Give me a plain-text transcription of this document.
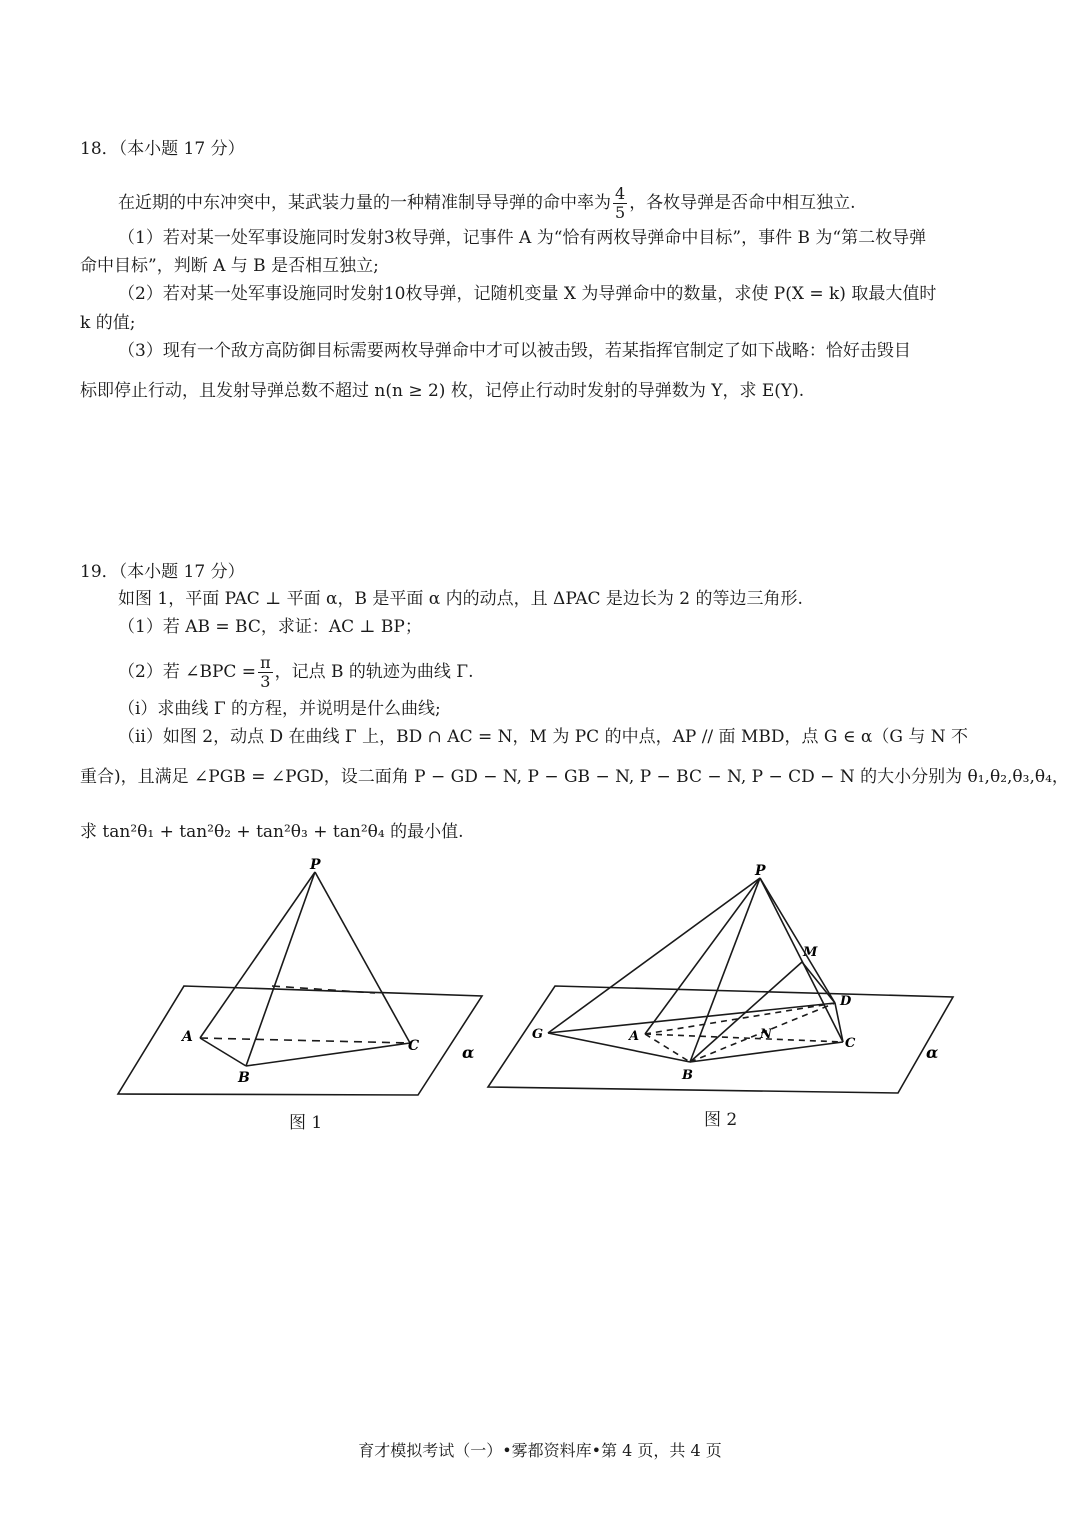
18．（本小题 17 分）
在近期的中东冲突中，某武装力量的一种精准制导导弹的命中率为 $\frac{4}{5}$ ，各枚导弹是否命中相互独立.
（1）若对某一处军事设施同时发射3枚导弹，记事件 A 为“恰有两枚导弹命中目标”，事件 B 为“第二枚导弹
命中目标”，判断 A 与 B 是否相互独立;
（2）若对某一处军事设施同时发射10枚导弹，记随机变量 X 为导弹命中的数量，求使 P(X = k) 取最大值时
k 的值;
（3）现有一个敌方高防御目标需要两枚导弹命中才可以被击毁，若某指挥官制定了如下战略：恰好击毁目
标即停止行动，且发射导弹总数不超过 n(n ≥ 2) 枚，记停止行动时发射的导弹数为 Y，求 E(Y).
19．（本小题 17 分）
如图 1，平面 PAC ⊥ 平面 α，B 是平面 α 内的动点，且 ΔPAC 是边长为 2 的等边三角形.
（1）若 AB = BC，求证：AC ⊥ BP；
（2）若 ∠BPC = $\frac{\pi}{3}$ ，记点 B 的轨迹为曲线 Γ.
（i）求曲线 Γ 的方程，并说明是什么曲线;
（ii）如图 2，动点 D 在曲线 Γ 上，BD ∩ AC = N，M 为 PC 的中点，AP // 面 MBD，点 G ∈ α（G 与 N 不
重合)，且满足 ∠PGB = ∠PGD，设二面角 P − GD − N, P − GB − N, P − BC − N, P − CD − N 的大小分别为 θ₁,θ₂,θ₃,θ₄，
求 tan²θ₁ + tan²θ₂ + tan²θ₃ + tan²θ₄ 的最小值.
P
A
B
C	α
P
M
D
G	A	N
C
B
α
图 1	图 2
育才模拟考试（一）•雾都资料库•第 4 页，共 4 页
